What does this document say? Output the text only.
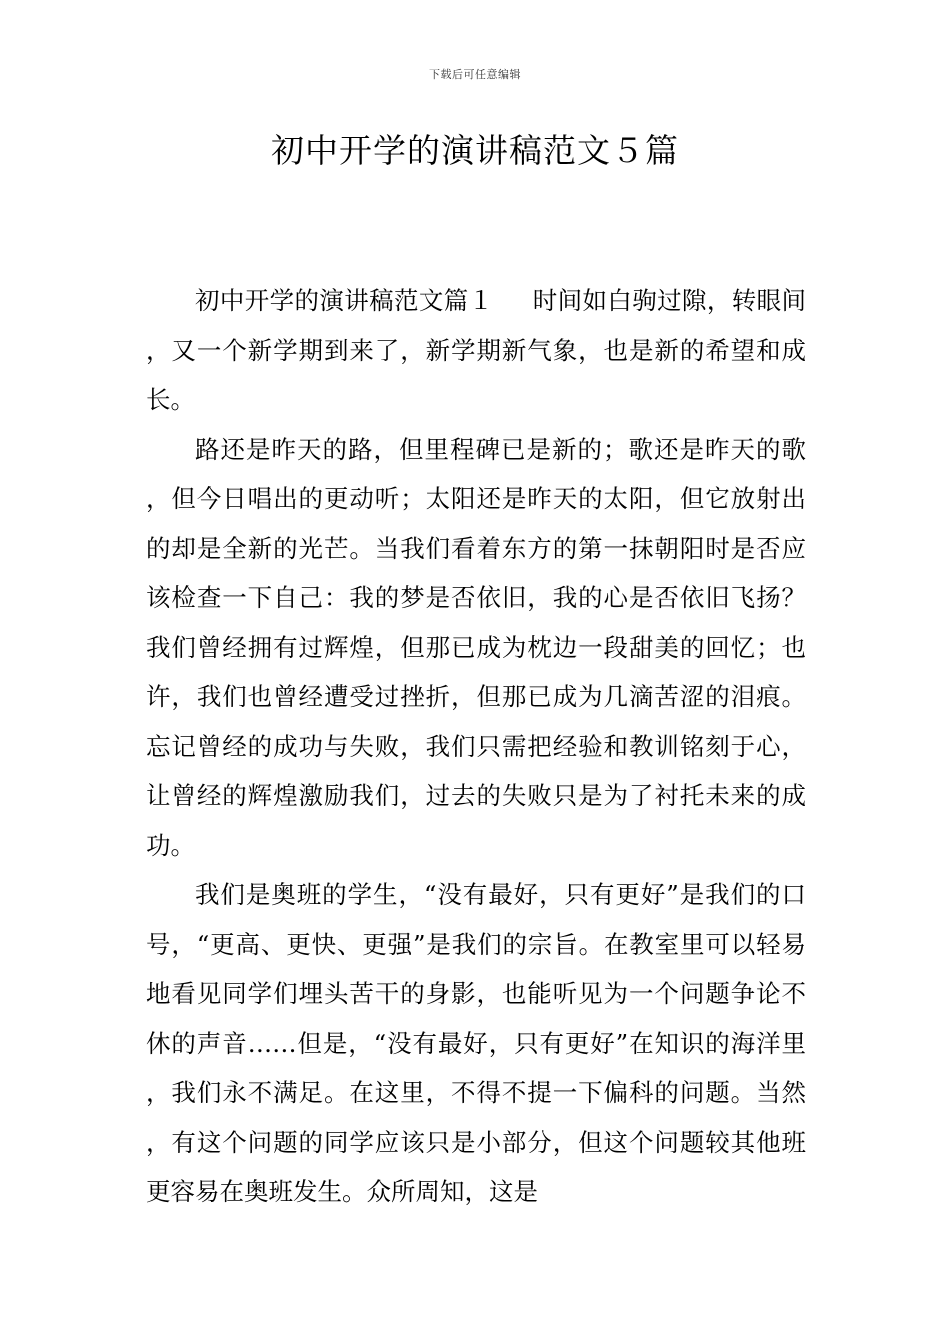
下载后可任意编辑
初中开学的演讲稿范文５篇

初中开学的演讲稿范文篇１ 时间如白驹过隙，转眼间，又一个新学期到来了，新学期新气象，也是新的希望和成长。

路还是昨天的路，但里程碑已是新的；歌还是昨天的歌，但今日唱出的更动听；太阳还是昨天的太阳，但它放射出的却是全新的光芒。当我们看着东方的第一抹朝阳时是否应该检查一下自己：我的梦是否依旧，我的心是否依旧飞扬？我们曾经拥有过辉煌，但那已成为枕边一段甜美的回忆；也许，我们也曾经遭受过挫折，但那已成为几滴苦涩的泪痕。忘记曾经的成功与失败，我们只需把经验和教训铭刻于心，让曾经的辉煌激励我们，过去的失败只是为了衬托未来的成功。

我们是奥班的学生，“没有最好，只有更好”是我们的口号，“更高、更快、更强”是我们的宗旨。在教室里可以轻易地看见同学们埋头苦干的身影，也能听见为一个问题争论不休的声音……但是，“没有最好，只有更好”在知识的海洋里，我们永不满足。在这里，不得不提一下偏科的问题。当然，有这个问题的同学应该只是小部分，但这个问题较其他班更容易在奥班发生。众所周知，这是
